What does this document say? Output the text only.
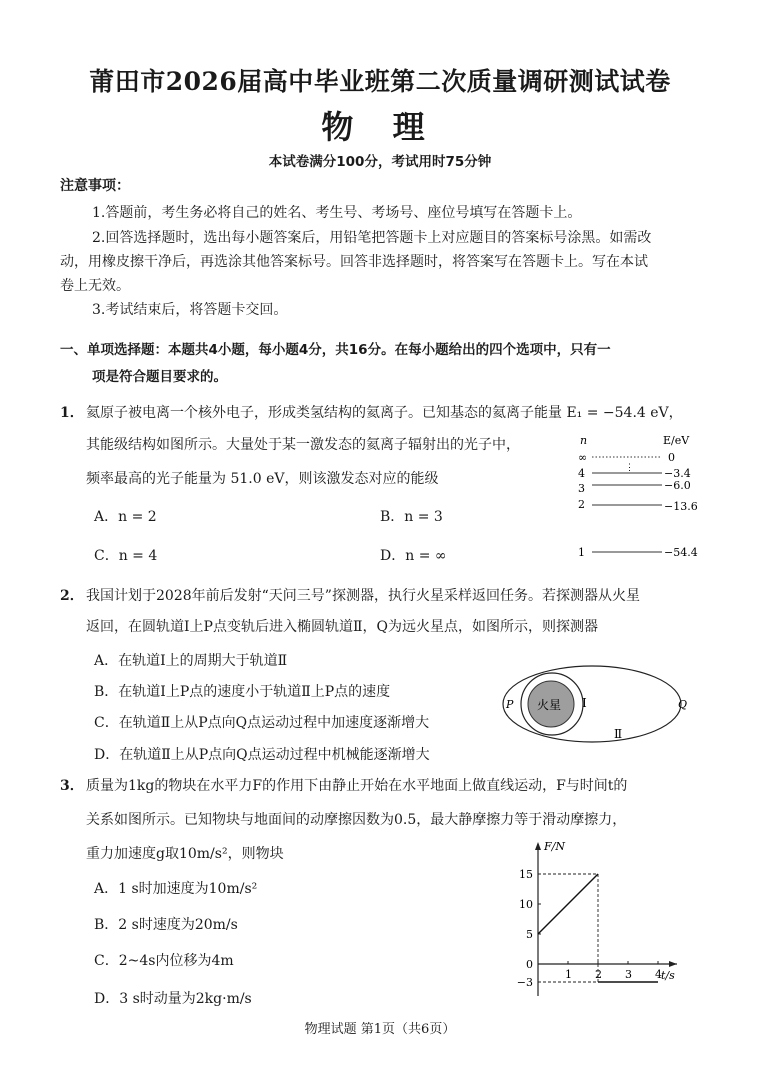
莆田市2026届高中毕业班第二次质量调研测试试卷
物 理
本试卷满分100分，考试用时75分钟
注意事项：
1.答题前，考生务必将自己的姓名、考生号、考场号、座位号填写在答题卡上。
2.回答选择题时，选出每小题答案后，用铅笔把答题卡上对应题目的答案标号涂黑。如需改
动，用橡皮擦干净后，再选涂其他答案标号。回答非选择题时，将答案写在答题卡上。写在本试
卷上无效。
3.考试结束后，将答题卡交回。
一、单项选择题：本题共4小题，每小题4分，共16分。在每小题给出的四个选项中，只有一
项是符合题目要求的。
1． 氦原子被电离一个核外电子，形成类氢结构的氦离子。已知基态的氦离子能量 E₁ = −54.4 eV，
其能级结构如图所示。大量处于某一激发态的氦离子辐射出的光子中，
频率最高的光子能量为 51.0 eV，则该激发态对应的能级
A．n = 2	B．n = 3
C．n = 4	D．n = ∞
n	E/eV
∞	0
⋮
4	−3.4
3	−6.0
2	−13.6
1	−54.4
2． 我国计划于2028年前后发射“天问三号”探测器，执行火星采样返回任务。若探测器从火星
返回，在圆轨道Ⅰ上P点变轨后进入椭圆轨道Ⅱ，Q为远火星点，如图所示，则探测器
A．在轨道Ⅰ上的周期大于轨道Ⅱ
B．在轨道Ⅰ上P点的速度小于轨道Ⅱ上P点的速度
C．在轨道Ⅱ上从P点向Q点运动过程中加速度逐渐增大
D．在轨道Ⅱ上从P点向Q点运动过程中机械能逐渐增大
火星
P	Q
Ⅰ
Ⅱ
3． 质量为1kg的物块在水平力F的作用下由静止开始在水平地面上做直线运动，F与时间t的
关系如图所示。已知物块与地面间的动摩擦因数为0.5，最大静摩擦力等于滑动摩擦力，
重力加速度g取10m/s²，则物块
A．1 s时加速度为10m/s²
B．2 s时速度为20m/s
C．2~4s内位移为4m
D．3 s时动量为2kg·m/s
F/N
t/s
1 2 3 4
15
10
5
0
−3
物理试题 第1页（共6页）
